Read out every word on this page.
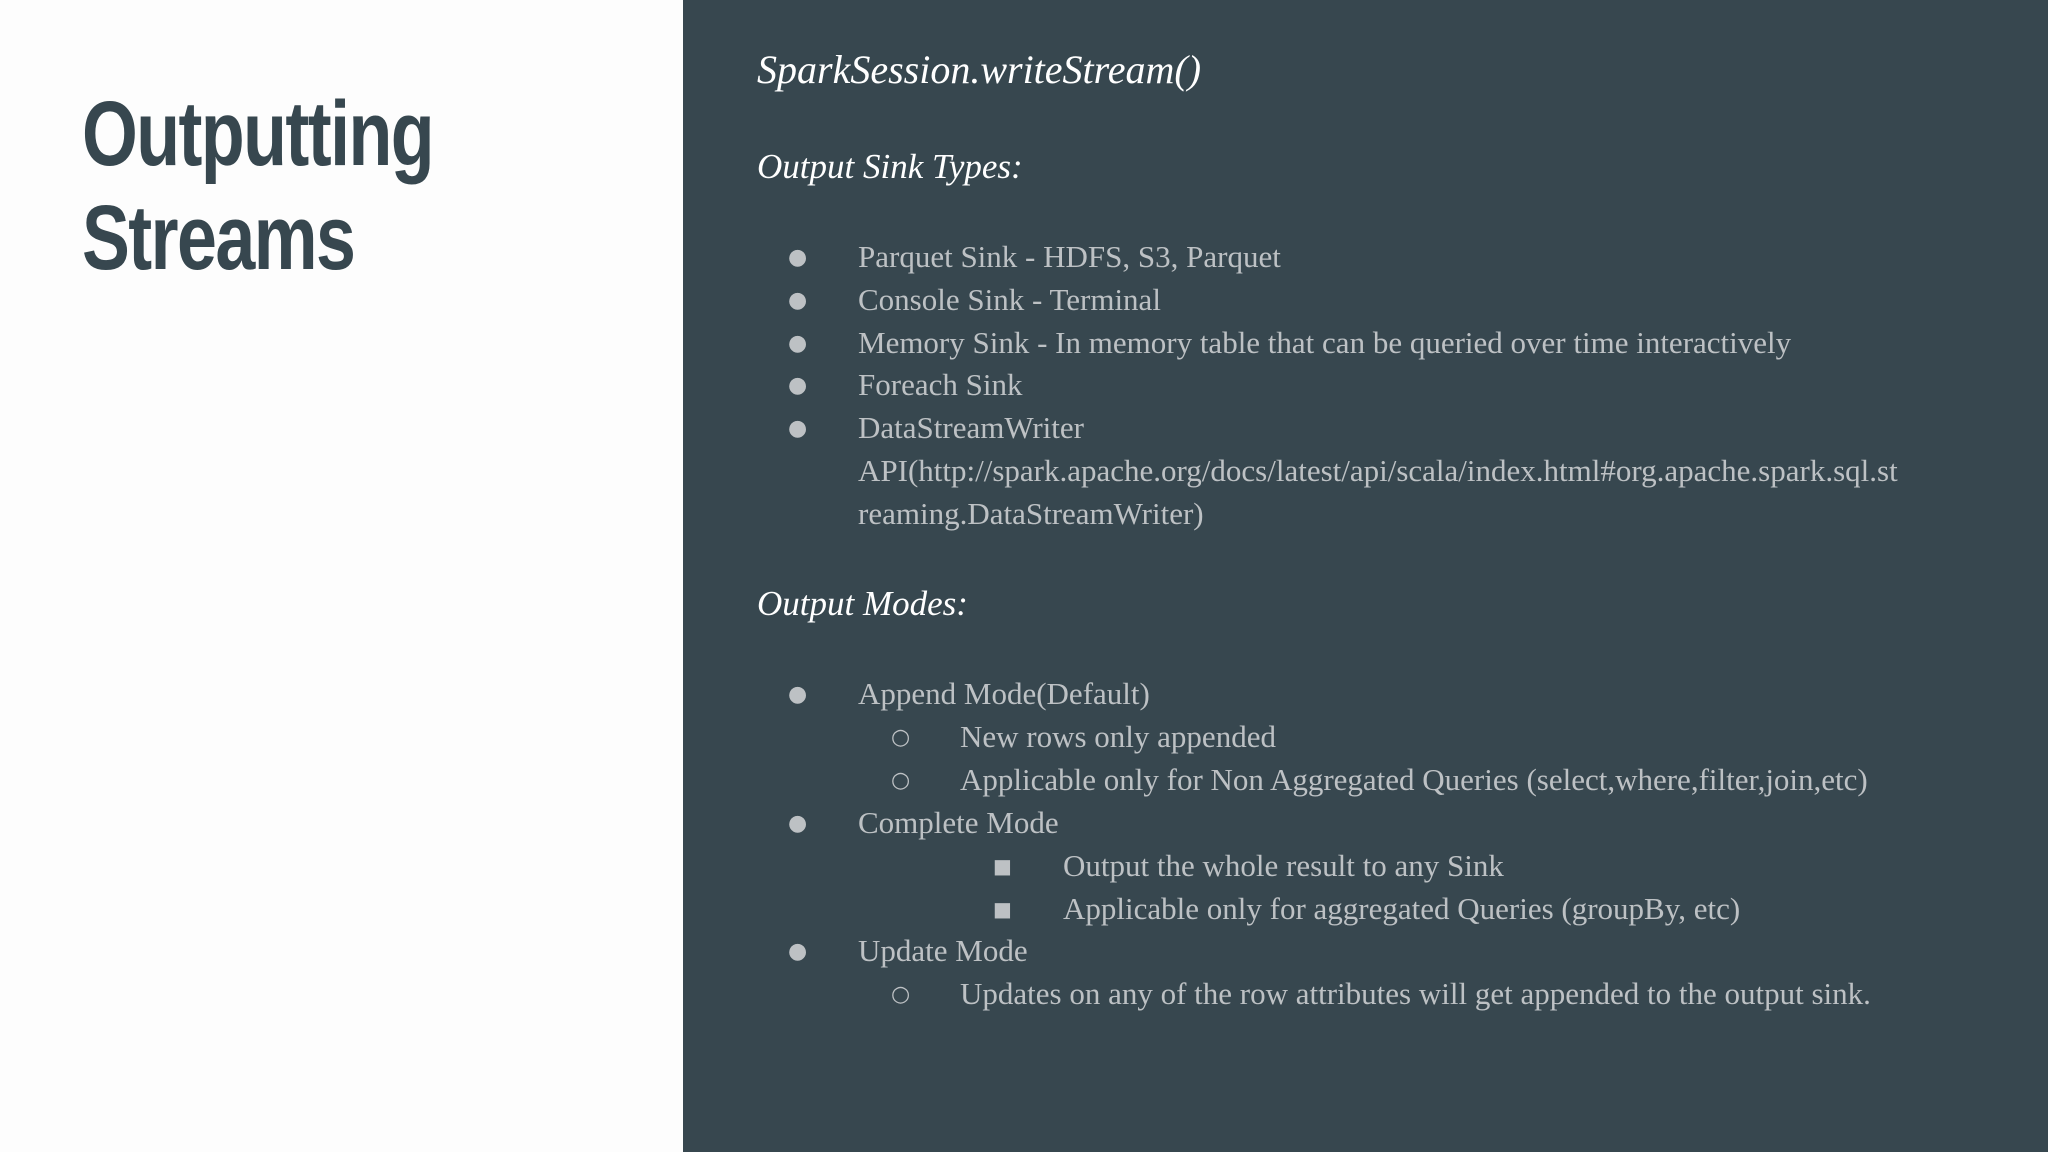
Outputting
Streams
SparkSession.writeStream()
Output Sink Types:
● Parquet Sink - HDFS, S3, Parquet
● Console Sink - Terminal
● Memory Sink - In memory table that can be queried over time interactively
● Foreach Sink
● DataStreamWriter
API(http://spark.apache.org/docs/latest/api/scala/index.html#org.apache.spark.sql.st
reaming.DataStreamWriter)
Output Modes:
● Append Mode(Default)
○ New rows only appended
○ Applicable only for Non Aggregated Queries (select,where,filter,join,etc)
● Complete Mode
■ Output the whole result to any Sink
■ Applicable only for aggregated Queries (groupBy, etc)
● Update Mode
○ Updates on any of the row attributes will get appended to the output sink.
